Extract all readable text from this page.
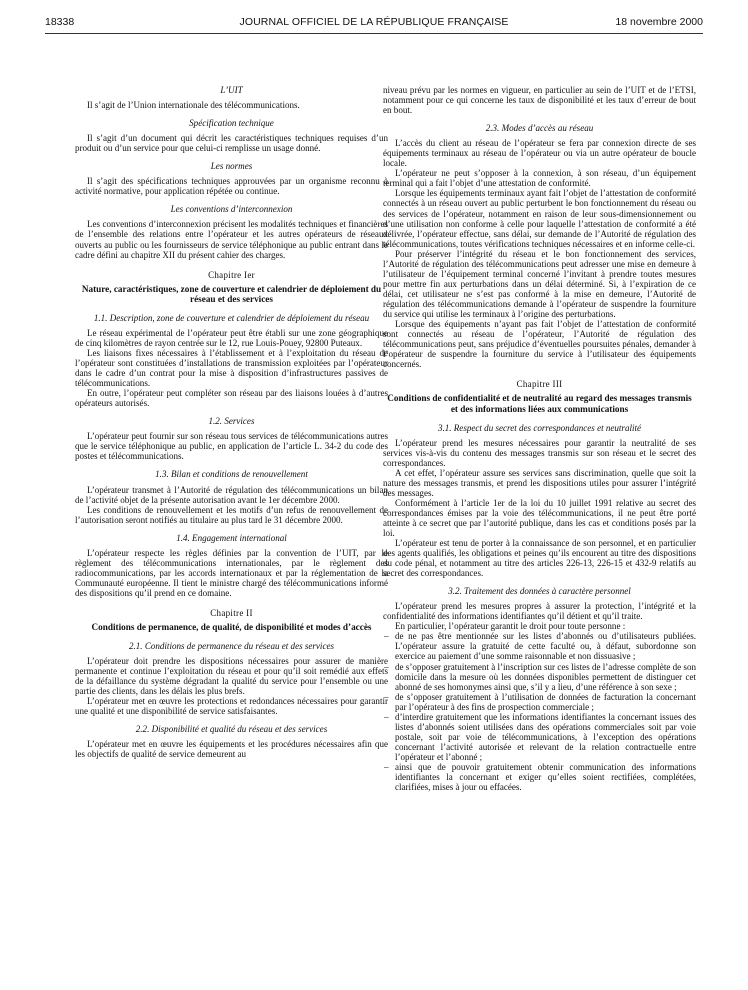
18338	JOURNAL OFFICIEL DE LA RÉPUBLIQUE FRANÇAISE	18 novembre 2000
L’UIT

Il s’agit de l’Union internationale des télécommunications.

Spécification technique

Il s’agit d’un document qui décrit les caractéristiques techniques requises d’un produit ou d’un service pour que celui-ci remplisse un usage donné.

Les normes

Il s’agit des spécifications techniques approuvées par un organisme reconnu à activité normative, pour application répétée ou continue.

Les conventions d’interconnexion

Les conventions d’interconnexion précisent les modalités techniques et financières de l’ensemble des relations entre l’opérateur et les autres opérateurs de réseaux ouverts au public ou les fournisseurs de service téléphonique au public entrant dans le cadre défini au chapitre XII du présent cahier des charges.

Chapitre Ier
Nature, caractéristiques, zone de couverture et calendrier de déploiement du réseau et des services
1.1. Description, zone de couverture et calendrier de déploiement du réseau

Le réseau expérimental de l’opérateur peut être établi sur une zone géographique de cinq kilomètres de rayon centrée sur le 12, rue Louis-Pouey, 92800 Puteaux.

Les liaisons fixes nécessaires à l’établissement et à l’exploitation du réseau de l’opérateur sont constituées d’installations de transmission exploitées par l’opérateur dans le cadre d’un contrat pour la mise à disposition d’infrastructures passives de télécommunications.

En outre, l’opérateur peut compléter son réseau par des liaisons louées à d’autres opérateurs autorisés.

1.2. Services

L’opérateur peut fournir sur son réseau tous services de télécommunications autres que le service téléphonique au public, en application de l’article L. 34-2 du code des postes et télécommunications.

1.3. Bilan et conditions de renouvellement

L’opérateur transmet à l’Autorité de régulation des télécommunications un bilan de l’activité objet de la présente autorisation avant le 1er décembre 2000.

Les conditions de renouvellement et les motifs d’un refus de renouvellement de l’autorisation seront notifiés au titulaire au plus tard le 31 décembre 2000.

1.4. Engagement international

L’opérateur respecte les règles définies par la convention de l’UIT, par le règlement des télécommunications internationales, par le règlement des radiocommunications, par les accords internationaux et par la réglementation de la Communauté européenne. Il tient le ministre chargé des télécommunications informé des dispositions qu’il prend en ce domaine.

Chapitre II
Conditions de permanence, de qualité, de disponibilité et modes d’accès
2.1. Conditions de permanence du réseau et des services

L’opérateur doit prendre les dispositions nécessaires pour assurer de manière permanente et continue l’exploitation du réseau et pour qu’il soit remédié aux effets de la défaillance du système dégradant la qualité du service pour l’ensemble ou une partie des clients, dans les délais les plus brefs.

L’opérateur met en œuvre les protections et redondances nécessaires pour garantir une qualité et une disponibilité de service satisfaisantes.

2.2. Disponibilité et qualité du réseau et des services

L’opérateur met en œuvre les équipements et les procédures nécessaires afin que les objectifs de qualité de service demeurent au

niveau prévu par les normes en vigueur, en particulier au sein de l’UIT et de l’ETSI, notamment pour ce qui concerne les taux de disponibilité et les taux d’erreur de bout en bout.

2.3. Modes d’accès au réseau

L’accès du client au réseau de l’opérateur se fera par connexion directe de ses équipements terminaux au réseau de l’opérateur ou via un autre opérateur de boucle locale.

L’opérateur ne peut s’opposer à la connexion, à son réseau, d’un équipement terminal qui a fait l’objet d’une attestation de conformité.

Lorsque les équipements terminaux ayant fait l’objet de l’attestation de conformité connectés à un réseau ouvert au public perturbent le bon fonctionnement du réseau ou des services de l’opérateur, notamment en raison de leur sous-dimensionnement ou d’une utilisation non conforme à celle pour laquelle l’attestation de conformité a été délivrée, l’opérateur effectue, sans délai, sur demande de l’Autorité de régulation des télécommunications, toutes vérifications techniques nécessaires et en informe celle-ci.

Pour préserver l’intégrité du réseau et le bon fonctionnement des services, l’Autorité de régulation des télécommunications peut adresser une mise en demeure à l’utilisateur de l’équipement terminal concerné l’invitant à prendre toutes mesures pour mettre fin aux perturbations dans un délai déterminé. Si, à l’expiration de ce délai, cet utilisateur ne s’est pas conformé à la mise en demeure, l’Autorité de régulation des télécommunications demande à l’opérateur de suspendre la fourniture du service qui utilise les terminaux à l’origine des perturbations.

Lorsque des équipements n’ayant pas fait l’objet de l’attestation de conformité sont connectés au réseau de l’opérateur, l’Autorité de régulation des télécommunications peut, sans préjudice d’éventuelles poursuites pénales, demander à l’opérateur de suspendre la fourniture du service à l’utilisateur des équipements concernés.

Chapitre III
Conditions de confidentialité et de neutralité au regard des messages transmis et des informations liées aux communications
3.1. Respect du secret des correspondances et neutralité

L’opérateur prend les mesures nécessaires pour garantir la neutralité de ses services vis-à-vis du contenu des messages transmis sur son réseau et le secret des correspondances.

A cet effet, l’opérateur assure ses services sans discrimination, quelle que soit la nature des messages transmis, et prend les dispositions utiles pour assurer l’intégrité des messages.

Conformément à l’article 1er de la loi du 10 juillet 1991 relative au secret des correspondances émises par la voie des télécommunications, il ne peut être porté atteinte à ce secret que par l’autorité publique, dans les cas et conditions posés par la loi.

L’opérateur est tenu de porter à la connaissance de son personnel, et en particulier des agents qualifiés, les obligations et peines qu’ils encourent au titre des dispositions du code pénal, et notamment au titre des articles 226-13, 226-15 et 432-9 relatifs au secret des correspondances.

3.2. Traitement des données à caractère personnel

L’opérateur prend les mesures propres à assurer la protection, l’intégrité et la confidentialité des informations identifiantes qu’il détient et qu’il traite.

En particulier, l’opérateur garantit le droit pour toute personne :

– de ne pas être mentionnée sur les listes d’abonnés ou d’utilisateurs publiées. L’opérateur assure la gratuité de cette faculté ou, à défaut, subordonne son exercice au paiement d’une somme raisonnable et non dissuasive ;
– de s’opposer gratuitement à l’inscription sur ces listes de l’adresse complète de son domicile dans la mesure où les données disponibles permettent de distinguer cet abonné de ses homonymes ainsi que, s’il y a lieu, d’une référence à son sexe ;
– de s’opposer gratuitement à l’utilisation de données de facturation la concernant par l’opérateur à des fins de prospection commerciale ;
– d’interdire gratuitement que les informations identifiantes la concernant issues des listes d’abonnés soient utilisées dans des opérations commerciales soit par voie postale, soit par voie de télécommunications, à l’exception des opérations concernant l’activité autorisée et relevant de la relation contractuelle entre l’opérateur et l’abonné ;
– ainsi que de pouvoir gratuitement obtenir communication des informations identifiantes la concernant et exiger qu’elles soient rectifiées, complétées, clarifiées, mises à jour ou effacées.
